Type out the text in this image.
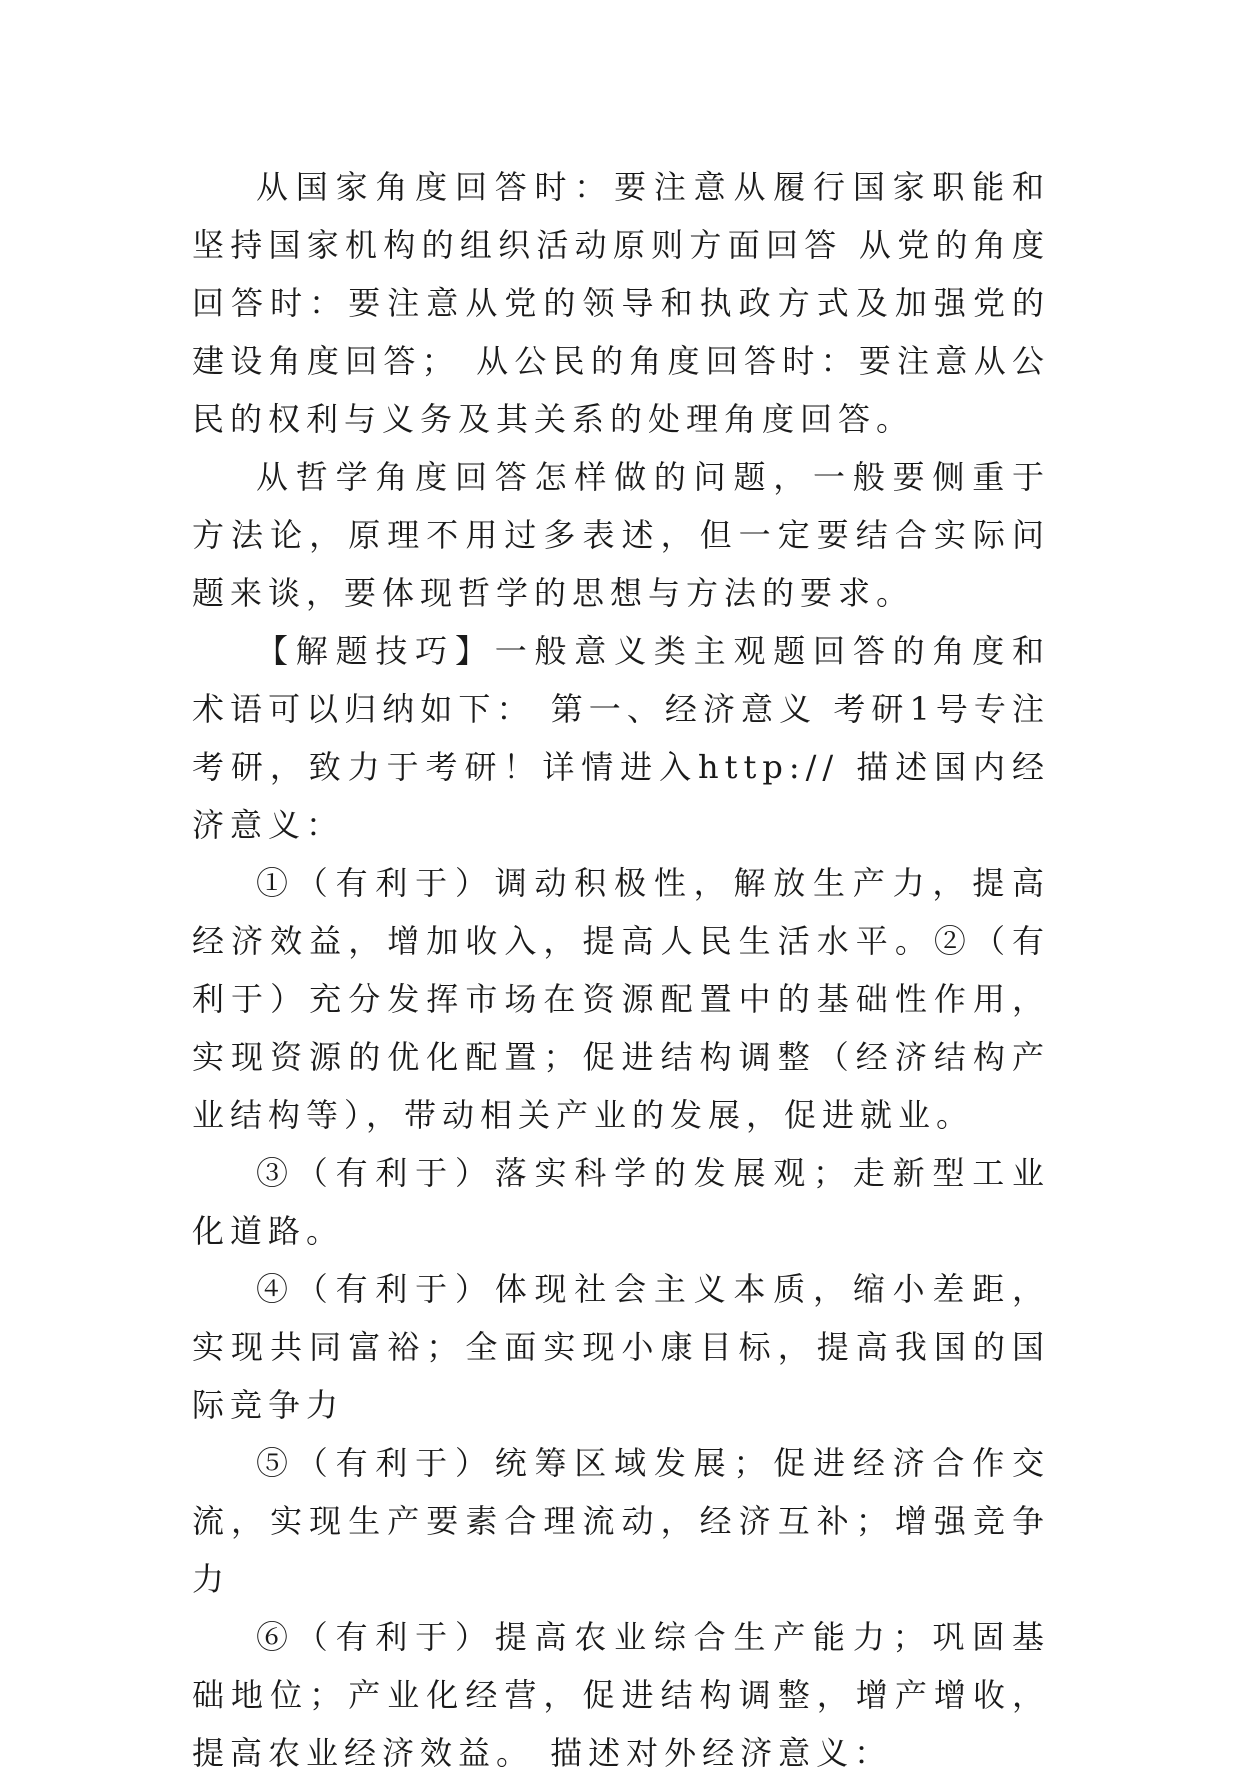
从国家角度回答时：要注意从履行国家职能和坚持国家机构的组织活动原则方面回答 从党的角度回答时：要注意从党的领导和执政方式及加强党的建设角度回答； 从公民的角度回答时：要注意从公民的权利与义务及其关系的处理角度回答。

从哲学角度回答怎样做的问题，一般要侧重于方法论，原理不用过多表述，但一定要结合实际问题来谈，要体现哲学的思想与方法的要求。

【解题技巧】一般意义类主观题回答的角度和术语可以归纳如下： 第一、经济意义 考研1号专注考研，致力于考研！详情进入http:// 描述国内经济意义：

①（有利于）调动积极性，解放生产力，提高经济效益，增加收入，提高人民生活水平。②（有利于）充分发挥市场在资源配置中的基础性作用，实现资源的优化配置；促进结构调整（经济结构产业结构等），带动相关产业的发展，促进就业。

③（有利于）落实科学的发展观；走新型工业化道路。

④（有利于）体现社会主义本质，缩小差距，实现共同富裕；全面实现小康目标，提高我国的国际竞争力

⑤（有利于）统筹区域发展；促进经济合作交流，实现生产要素合理流动，经济互补；增强竞争力

⑥（有利于）提高农业综合生产能力；巩固基础地位；产业化经营，促进结构调整，增产增收，提高农业经济效益。 描述对外经济意义：
